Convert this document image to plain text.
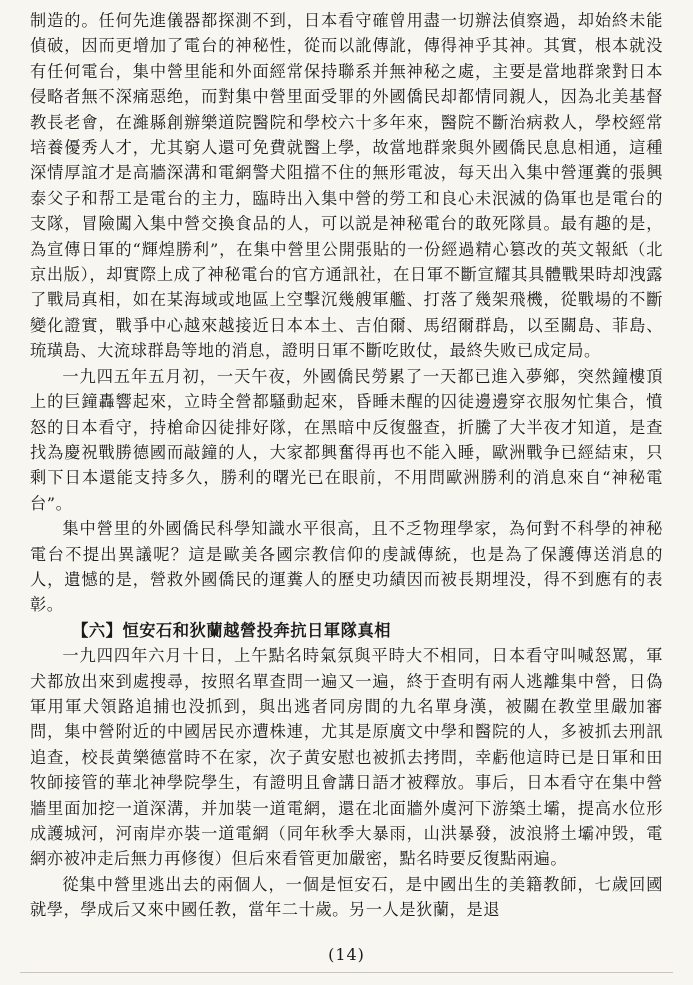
制造的。任何先進儀器都探測不到，日本看守確曾用盡一切辦法偵察過，却始終未能偵破，因而更增加了電台的神秘性，從而以訛傳訛，傳得神乎其神。其實，根本就没有任何電台，集中營里能和外面經常保持聯系并無神秘之處，主要是當地群衆對日本侵略者無不深痛惡绝，而對集中營里面受罪的外國僑民却都情同親人，因為北美基督教長老會，在濰縣創辦樂道院醫院和學校六十多年來，醫院不斷治病救人，學校經常培養優秀人才，尤其窮人還可免費就醫上學，故當地群衆與外國僑民息息相通，這種深情厚誼才是高牆深溝和電網警犬阻擋不住的無形電波，每天出入集中營運糞的張興泰父子和帮工是電台的主力，臨時出入集中營的勞工和良心未泯滅的偽軍也是電台的支隊，冒險闖入集中營交換食品的人，可以説是神秘電台的敢死隊員。最有趣的是，為宣傳日軍的“輝煌勝利”，在集中營里公開張貼的一份經過精心篡改的英文報紙（北京出版），却實際上成了神秘電台的官方通訊社，在日軍不斷宣耀其具體戰果時却洩露了戰局真相，如在某海域或地區上空擊沉幾艘軍艦、打落了幾架飛機，從戰場的不斷變化證實，戰爭中心越來越接近日本本土、吉伯爾、馬绍爾群島，以至關島、菲島、琉璜島、大流球群島等地的消息，證明日軍不斷吃敗仗，最終失败已成定局。

一九四五年五月初，一天午夜，外國僑民勞累了一天都已進入夢鄉，突然鐘樓頂上的巨鐘轟響起來，立時全營都騷動起來，昏睡未醒的囚徒邊邊穿衣服匆忙集合，憤怒的日本看守，持槍命囚徒排好隊，在黑暗中反復盤查，折騰了大半夜才知道，是查找為慶祝戰勝德國而敲鐘的人，大家都興奮得再也不能入睡，歐洲戰争已經結束，只剩下日本還能支持多久，勝利的曙光已在眼前，不用問歐洲勝利的消息來自“神秘電台”。

集中營里的外國僑民科學知識水平很高，且不乏物理學家，為何對不科學的神秘電台不提出異議呢？這是歐美各國宗教信仰的虔誠傳統，也是為了保護傳送消息的人，遺憾的是，營救外國僑民的運糞人的歷史功績因而被長期埋没，得不到應有的表彰。

【六】恒安石和狄蘭越營投奔抗日軍隊真相

一九四四年六月十日，上午點名時氣氛與平時大不相同，日本看守叫喊怒罵，軍犬都放出來到處搜尋，按照名單查問一遍又一遍，終于查明有兩人逃離集中營，日偽軍用軍犬領路追捕也没抓到，與出逃者同房間的九名單身漢，被關在教堂里嚴加審問，集中營附近的中國居民亦遭株連，尤其是原廣文中學和醫院的人，多被抓去刑訊追查，校長黄樂德當時不在家，次子黄安慰也被抓去拷問，幸虧他這時已是日軍和田牧師接管的華北神學院學生，有證明且會講日語才被釋放。事后，日本看守在集中營牆里面加挖一道深溝，并加裝一道電網，還在北面牆外虞河下游築土壩，提高水位形成護城河，河南岸亦裝一道電網（同年秋季大暴雨，山洪暴發，波浪將土壩冲毁，電網亦被冲走后無力再修復）但后來看管更加嚴密，點名時要反復點兩遍。

從集中營里逃出去的兩個人，一個是恒安石，是中國出生的美籍教師，七歲回國就學，學成后又來中國任教，當年二十歲。另一人是狄蘭，是退

(14)
